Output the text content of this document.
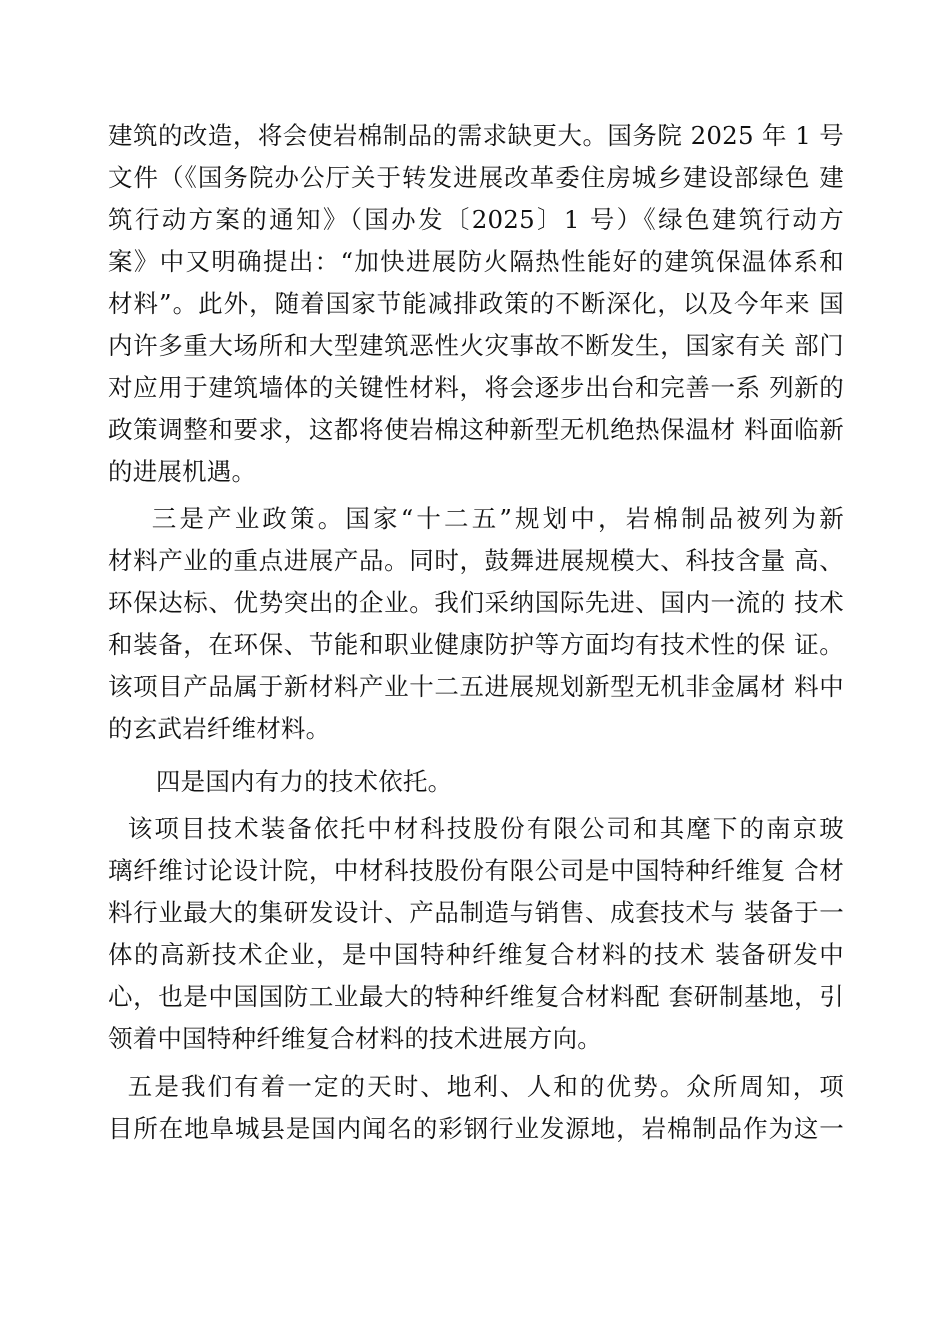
建筑的改造，将会使岩棉制品的需求缺更大。国务院 2025 年 1 号
文件（《国务院办公厅关于转发进展改革委住房城乡建设部绿色 建
筑行动方案的通知》（国办发〔2025〕1 号）《绿色建筑行动方
案》中又明确提出：“加快进展防火隔热性能好的建筑保温体系和
材料”。此外，随着国家节能减排政策的不断深化，以及今年来 国
内许多重大场所和大型建筑恶性火灾事故不断发生，国家有关 部门
对应用于建筑墙体的关键性材料，将会逐步出台和完善一系 列新的
政策调整和要求，这都将使岩棉这种新型无机绝热保温材 料面临新
的进展机遇。
三是产业政策。国家“十二五”规划中，岩棉制品被列为新
材料产业的重点进展产品。同时，鼓舞进展规模大、科技含量 高、
环保达标、优势突出的企业。我们采纳国际先进、国内一流的 技术
和装备，在环保、节能和职业健康防护等方面均有技术性的保 证。
该项目产品属于新材料产业十二五进展规划新型无机非金属材 料中
的玄武岩纤维材料。
四是国内有力的技术依托。
该项目技术装备依托中材科技股份有限公司和其麾下的南京玻
璃纤维讨论设计院，中材科技股份有限公司是中国特种纤维复 合材
料行业最大的集研发设计、产品制造与销售、成套技术与 装备于一
体的高新技术企业，是中国特种纤维复合材料的技术 装备研发中
心，也是中国国防工业最大的特种纤维复合材料配 套研制基地，引
领着中国特种纤维复合材料的技术进展方向。
五是我们有着一定的天时、地利、人和的优势。众所周知，项
目所在地阜城县是国内闻名的彩钢行业发源地，岩棉制品作为这一
